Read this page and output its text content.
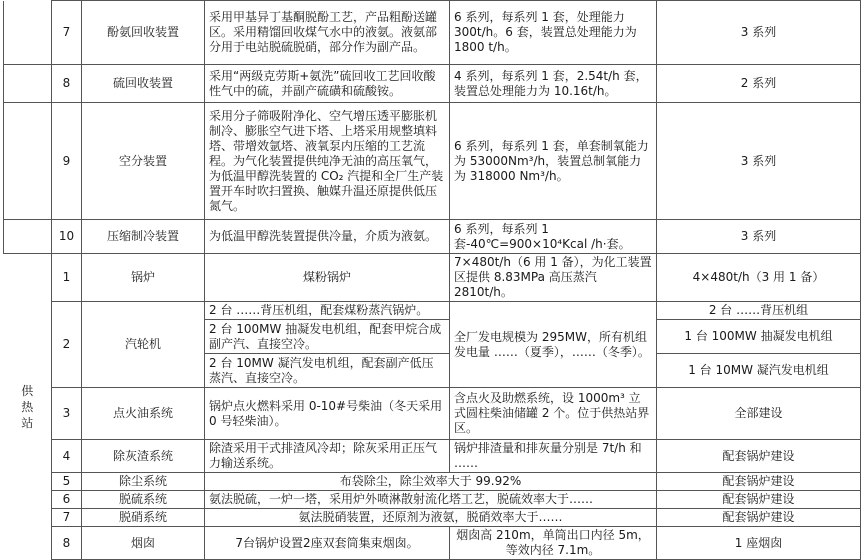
	7	酚氨回收装置	采用甲基异丁基酮脱酚工艺，产品粗酚送罐区。采用精馏回收煤气水中的液氨。液氨部分用于电站脱硫脱硝，部分作为副产品。	6 系列，每系列 1 套，处理能力 300t/h。6 套，装置总处理能力为 1800 t/h。	3 系列
	8	硫回收装置	采用“两级克劳斯+氨洗”硫回收工艺回收酸性气中的硫，并副产硫磺和硫酸铵。	4 系列，每系列 1 套，2.54t/h 套，装置总处理能力为 10.16t/h。	2 系列
	9	空分装置	采用分子筛吸附净化、空气增压透平膨胀机制冷、膨胀空气进下塔、上塔采用规整填料塔、带增效氩塔、液氧泵内压缩的工艺流程。为气化装置提供纯净无油的高压氧气，为低温甲醇洗装置的 CO₂ 汽提和全厂生产装置开车时吹扫置换、触媒升温还原提供低压氮气。	6 系列，每系列 1 套，单套制氧能力为 53000Nm³/h，装置总制氧能力为 318000 Nm³/h。	3 系列
	10	压缩制冷装置	为低温甲醇洗装置提供冷量，介质为液氨。	6 系列，每系列 1 套-40℃=900×10⁴Kcal /h·套。	3 系列
供热站	1	锅炉	煤粉锅炉	7×480t/h（6 用 1 备），为化工装置区提供 8.83MPa 高压蒸汽 2810t/h。	4×480t/h（3 用 1 备）
	2	汽轮机	2 台 ……背压机组，配套煤粉蒸汽锅炉。	全厂发电规模为 295MW，所有机组发电量 ……（夏季），……（冬季）。	2 台 ……背压机组
			2 台 100MW 抽凝发电机组，配套甲烷合成副产汽、直接空冷。		1 台 100MW 抽凝发电机组
			2 台 10MW 凝汽发电机组，配套副产低压蒸汽、直接空冷。		1 台 10MW 凝汽发电机组
	3	点火油系统	锅炉点火燃料采用 0-10#号柴油（冬天采用 0 号轻柴油）。	含点火及助燃系统，设 1000m³ 立式圆柱柴油储罐 2 个。位于供热站界区。	全部建设
	4	除灰渣系统	除渣采用干式排渣风冷却；除灰采用正压气力输送系统。	锅炉排渣量和排灰量分别是 7t/h 和 ……	配套锅炉建设
	5	除尘系统	布袋除尘，除尘效率大于 99.92%		配套锅炉建设
	6	脱硫系统	氨法脱硫，一炉一塔，采用炉外喷淋散射流化塔工艺，脱硫效率大于……		配套锅炉建设
	7	脱硝系统	氨法脱硝装置，还原剂为液氨，脱硝效率大于……		配套锅炉建设
	8	烟囱	7台锅炉设置2座双套筒集束烟囱。	烟囱高 210m，单筒出口内径 5m，等效内径 7.1m。	1 座烟囱
